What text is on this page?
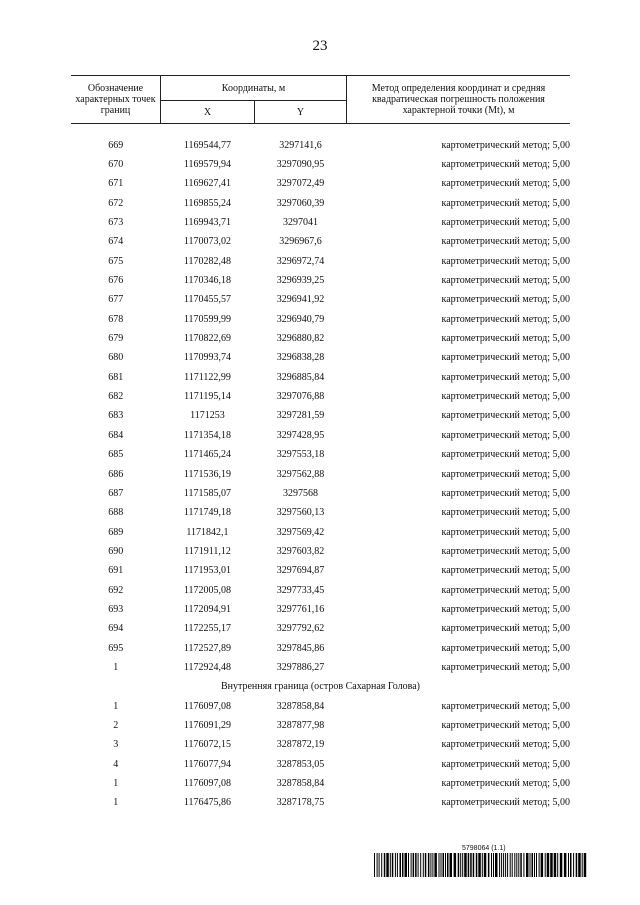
23
Обозначение характерных точек границ	Координаты, м		Метод определения координат и средняя квадратическая погрешность положения характерной точки (Mt), м
	X	Y	

669	1169544,77	3297141,6	картометрический метод; 5,00
670	1169579,94	3297090,95	картометрический метод; 5,00
671	1169627,41	3297072,49	картометрический метод; 5,00
672	1169855,24	3297060,39	картометрический метод; 5,00
673	1169943,71	3297041	картометрический метод; 5,00
674	1170073,02	3296967,6	картометрический метод; 5,00
675	1170282,48	3296972,74	картометрический метод; 5,00
676	1170346,18	3296939,25	картометрический метод; 5,00
677	1170455,57	3296941,92	картометрический метод; 5,00
678	1170599,99	3296940,79	картометрический метод; 5,00
679	1170822,69	3296880,82	картометрический метод; 5,00
680	1170993,74	3296838,28	картометрический метод; 5,00
681	1171122,99	3296885,84	картометрический метод; 5,00
682	1171195,14	3297076,88	картометрический метод; 5,00
683	1171253	3297281,59	картометрический метод; 5,00
684	1171354,18	3297428,95	картометрический метод; 5,00
685	1171465,24	3297553,18	картометрический метод; 5,00
686	1171536,19	3297562,88	картометрический метод; 5,00
687	1171585,07	3297568	картометрический метод; 5,00
688	1171749,18	3297560,13	картометрический метод; 5,00
689	1171842,1	3297569,42	картометрический метод; 5,00
690	1171911,12	3297603,82	картометрический метод; 5,00
691	1171953,01	3297694,87	картометрический метод; 5,00
692	1172005,08	3297733,45	картометрический метод; 5,00
693	1172094,91	3297761,16	картометрический метод; 5,00
694	1172255,17	3297792,62	картометрический метод; 5,00
695	1172527,89	3297845,86	картометрический метод; 5,00
1	1172924,48	3297886,27	картометрический метод; 5,00
Внутренняя граница (остров Сахарная Голова)			
1	1176097,08	3287858,84	картометрический метод; 5,00
2	1176091,29	3287877,98	картометрический метод; 5,00
3	1176072,15	3287872,19	картометрический метод; 5,00
4	1176077,94	3287853,05	картометрический метод; 5,00
1	1176097,08	3287858,84	картометрический метод; 5,00
1	1176475,86	3287178,75	картометрический метод; 5,00
5798064 (1.1)
